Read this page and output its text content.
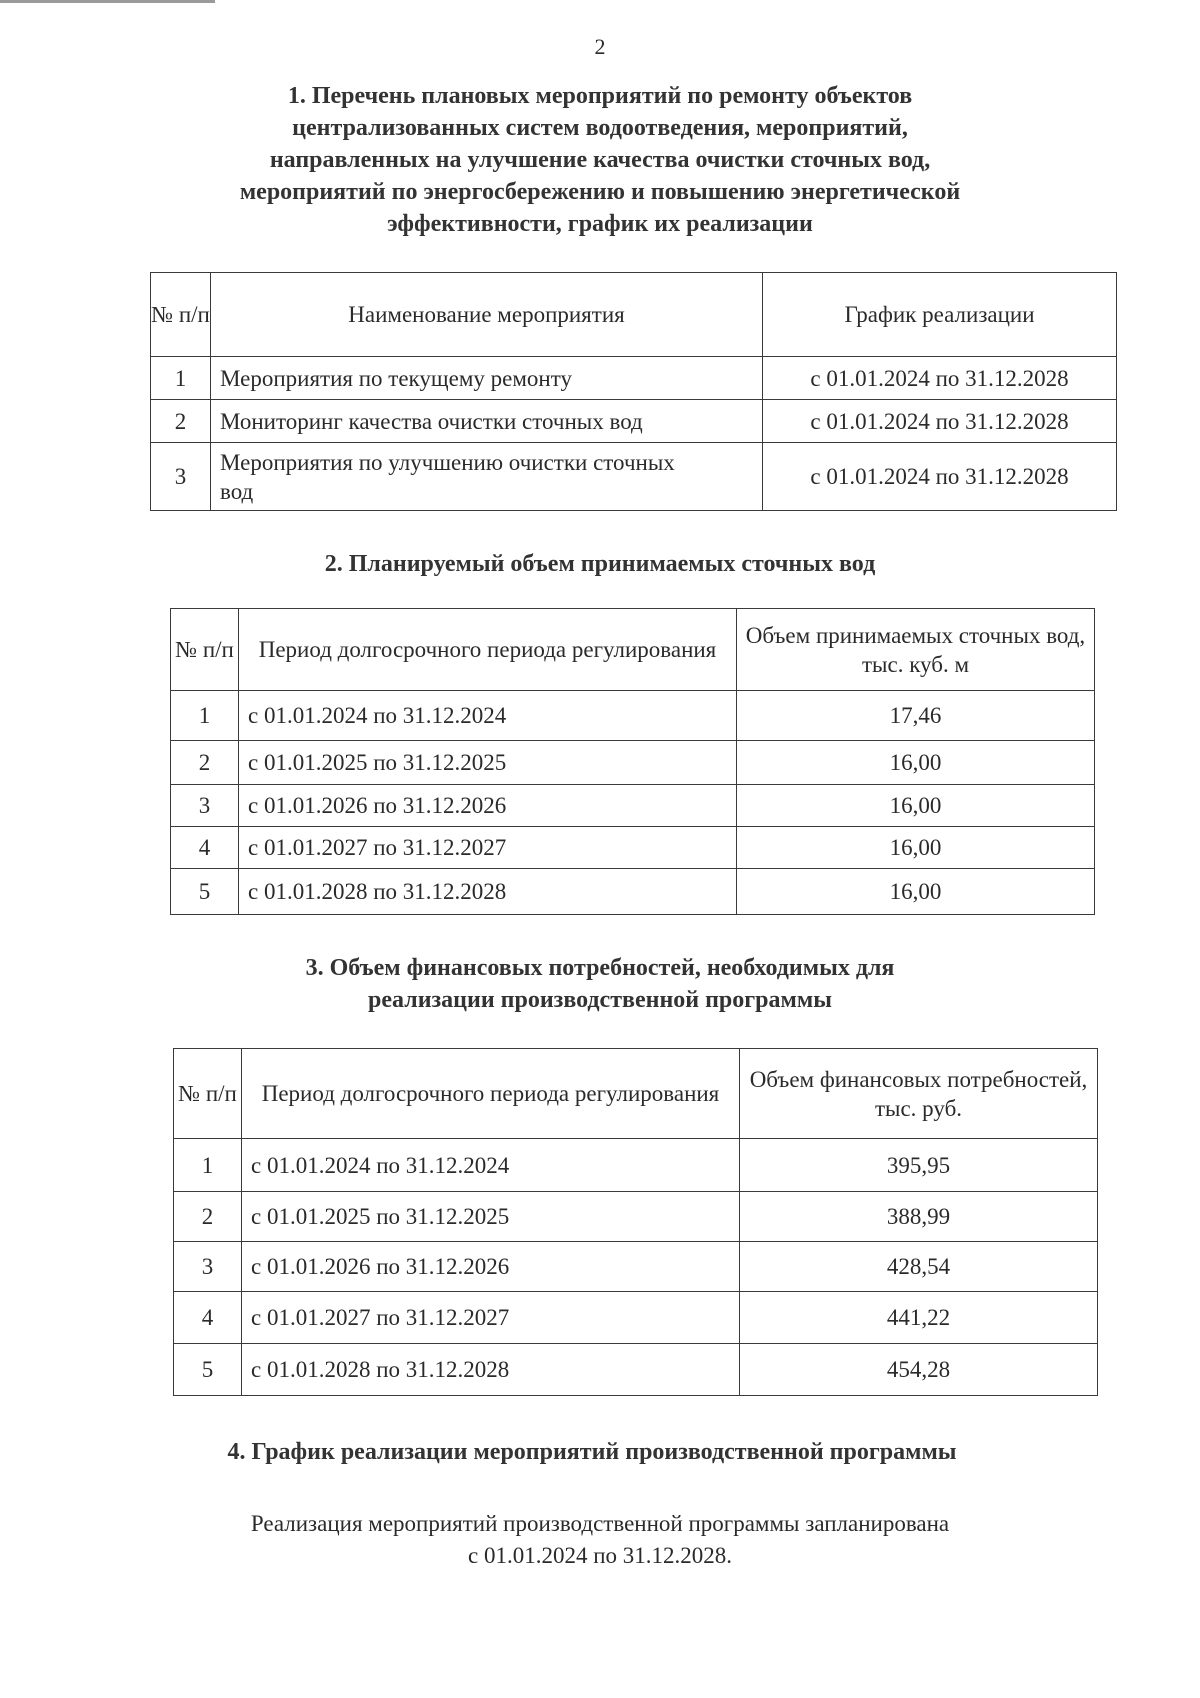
2
1. Перечень плановых мероприятий по ремонту объектов
централизованных систем водоотведения, мероприятий,
направленных на улучшение качества очистки сточных вод,
мероприятий по энергосбережению и повышению энергетической
эффективности, график их реализации
№ п/п	Наименование мероприятия	График реализации
1	Мероприятия по текущему ремонту	с 01.01.2024 по 31.12.2028
2	Мониторинг качества очистки сточных вод	с 01.01.2024 по 31.12.2028
3	Мероприятия по улучшению очистки сточных вод	с 01.01.2024 по 31.12.2028
2. Планируемый объем принимаемых сточных вод
№ п/п	Период долгосрочного периода регулирования	Объем принимаемых сточных вод, тыс. куб. м
1	с 01.01.2024 по 31.12.2024	17,46
2	с 01.01.2025 по 31.12.2025	16,00
3	с 01.01.2026 по 31.12.2026	16,00
4	с 01.01.2027 по 31.12.2027	16,00
5	с 01.01.2028 по 31.12.2028	16,00
3. Объем финансовых потребностей, необходимых для
реализации производственной программы
№ п/п	Период долгосрочного периода регулирования	Объем финансовых потребностей, тыс. руб.
1	с 01.01.2024 по 31.12.2024	395,95
2	с 01.01.2025 по 31.12.2025	388,99
3	с 01.01.2026 по 31.12.2026	428,54
4	с 01.01.2027 по 31.12.2027	441,22
5	с 01.01.2028 по 31.12.2028	454,28
4. График реализации мероприятий производственной программы
Реализация мероприятий производственной программы запланирована
с 01.01.2024 по 31.12.2028.
